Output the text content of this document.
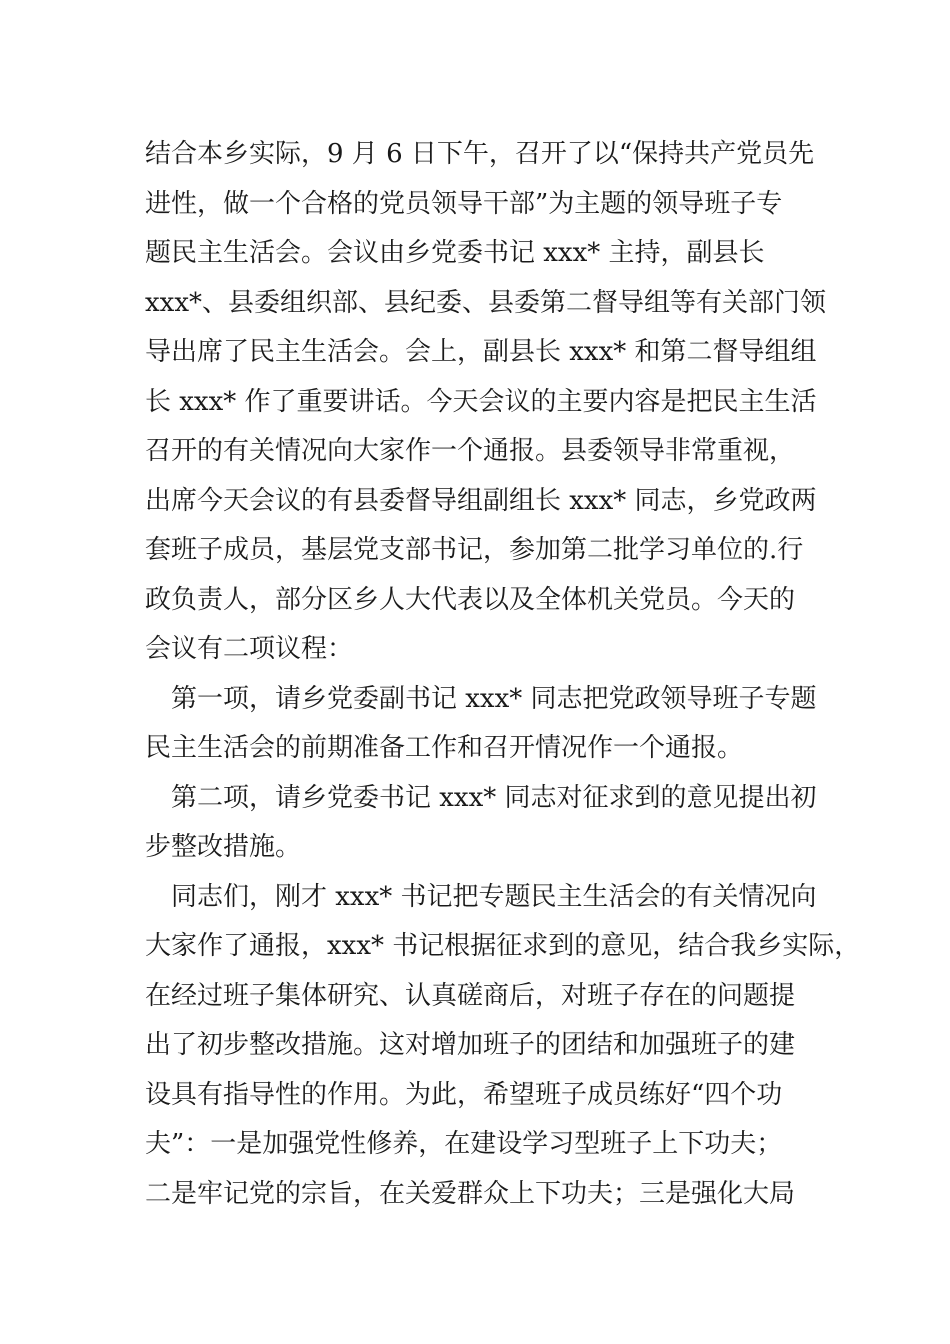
结合本乡实际，9 月 6 日下午，召开了以“保持共产党员先
进性，做一个合格的党员领导干部”为主题的领导班子专
题民主生活会。会议由乡党委书记 xxx* 主持，副县长
xxx*、县委组织部、县纪委、县委第二督导组等有关部门领
导出席了民主生活会。会上，副县长 xxx* 和第二督导组组
长 xxx* 作了重要讲话。今天会议的主要内容是把民主生活
召开的有关情况向大家作一个通报。县委领导非常重视，
出席今天会议的有县委督导组副组长 xxx* 同志，乡党政两
套班子成员，基层党支部书记，参加第二批学习单位的.行
政负责人，部分区乡人大代表以及全体机关党员。今天的
会议有二项议程：
第一项，请乡党委副书记 xxx* 同志把党政领导班子专题
民主生活会的前期准备工作和召开情况作一个通报。
第二项，请乡党委书记 xxx* 同志对征求到的意见提出初
步整改措施。
同志们，刚才 xxx* 书记把专题民主生活会的有关情况向
大家作了通报，xxx* 书记根据征求到的意见，结合我乡实际，
在经过班子集体研究、认真磋商后，对班子存在的问题提
出了初步整改措施。这对增加班子的团结和加强班子的建
设具有指导性的作用。为此，希望班子成员练好“四个功
夫”：一是加强党性修养，在建设学习型班子上下功夫；
二是牢记党的宗旨，在关爱群众上下功夫；三是强化大局
